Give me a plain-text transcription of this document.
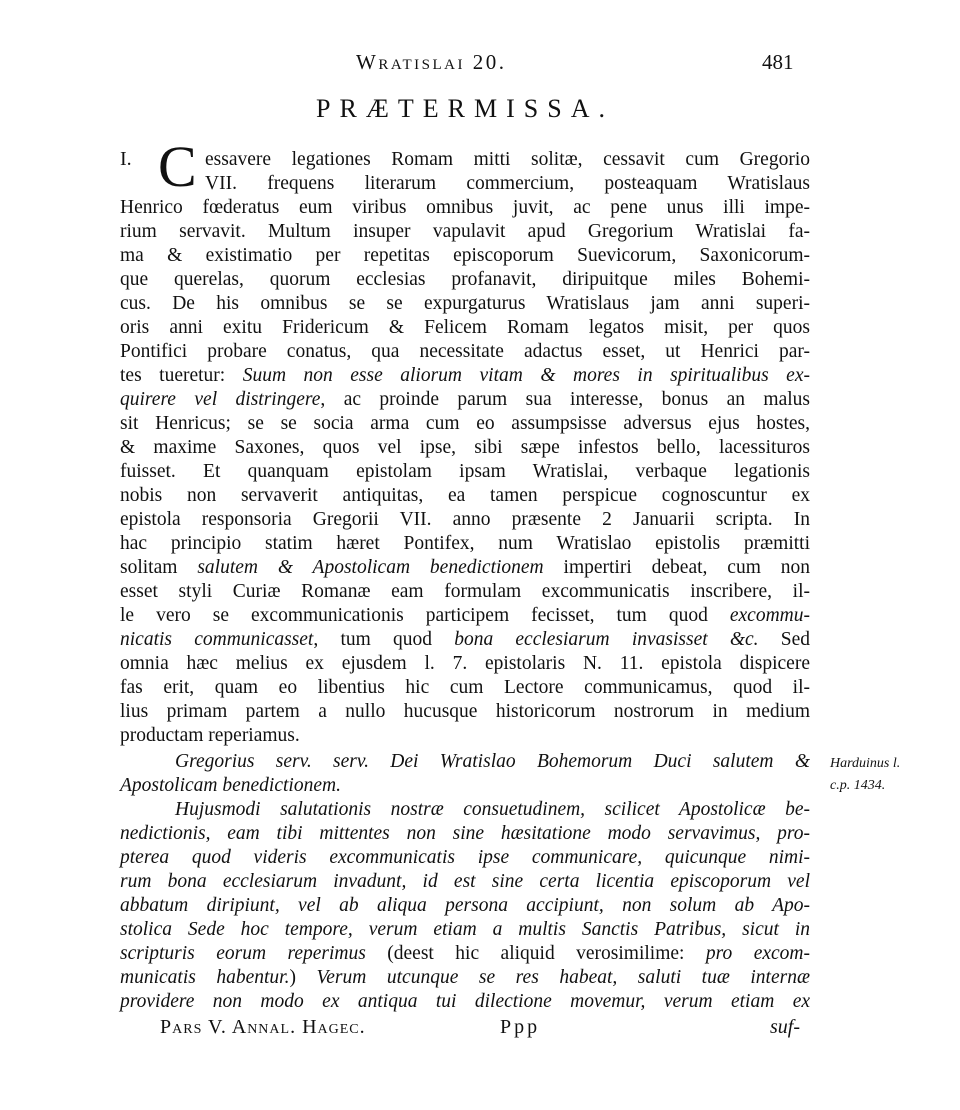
Wratislai 20.	481
PRÆTERMISSA.
I. C essavere legationes Romam mitti solitæ, cessavit cum Gregorio
VII. frequens literarum commercium, posteaquam Wratislaus
Henrico fœderatus eum viribus omnibus juvit, ac pene unus illi impe-
rium servavit. Multum insuper vapulavit apud Gregorium Wratislai fa-
ma & existimatio per repetitas episcoporum Suevicorum, Saxonicorum-
que querelas, quorum ecclesias profanavit, diripuitque miles Bohemi-
cus. De his omnibus se se expurgaturus Wratislaus jam anni superi-
oris anni exitu Fridericum & Felicem Romam legatos misit, per quos
Pontifici probare conatus, qua necessitate adactus esset, ut Henrici par-
tes tueretur: Suum non esse aliorum vitam & mores in spiritualibus ex-
quirere vel distringere, ac proinde parum sua interesse, bonus an malus
sit Henricus; se se socia arma cum eo assumpsisse adversus ejus hostes,
& maxime Saxones, quos vel ipse, sibi sæpe infestos bello, lacessituros
fuisset. Et quanquam epistolam ipsam Wratislai, verbaque legationis
nobis non servaverit antiquitas, ea tamen perspicue cognoscuntur ex
epistola responsoria Gregorii VII. anno præsente 2 Januarii scripta. In
hac principio statim hæret Pontifex, num Wratislao epistolis præmitti
solitam salutem & Apostolicam benedictionem impertiri debeat, cum non
esset styli Curiæ Romanæ eam formulam excommunicatis inscribere, il-
le vero se excommunicationis participem fecisset, tum quod excommu-
nicatis communicasset, tum quod bona ecclesiarum invasisset &c. Sed
omnia hæc melius ex ejusdem l. 7. epistolaris N. 11. epistola dispicere
fas erit, quam eo libentius hic cum Lectore communicamus, quod il-
lius primam partem a nullo hucusque historicorum nostrorum in medium
productam reperiamus.
Gregorius serv. serv. Dei Wratislao Bohemorum Duci salutem &
Apostolicam benedictionem.
Hujusmodi salutationis nostræ consuetudinem, scilicet Apostolicæ be-
nedictionis, eam tibi mittentes non sine hæsitatione modo servavimus, pro-
pterea quod videris excommunicatis ipse communicare, quicunque nimi-
rum bona ecclesiarum invadunt, id est sine certa licentia episcoporum vel
abbatum diripiunt, vel ab aliqua persona accipiunt, non solum ab Apo-
stolica Sede hoc tempore, verum etiam a multis Sanctis Patribus, sicut in
scripturis eorum reperimus (deest hic aliquid verosimilime: pro excom-
municatis habentur.) Verum utcunque se res habeat, saluti tuæ internæ
providere non modo ex antiqua tui dilectione movemur, verum etiam ex
Harduinus l.
c.p. 1434.
Pars V. Annal. Hagec.	Ppp	suf-
